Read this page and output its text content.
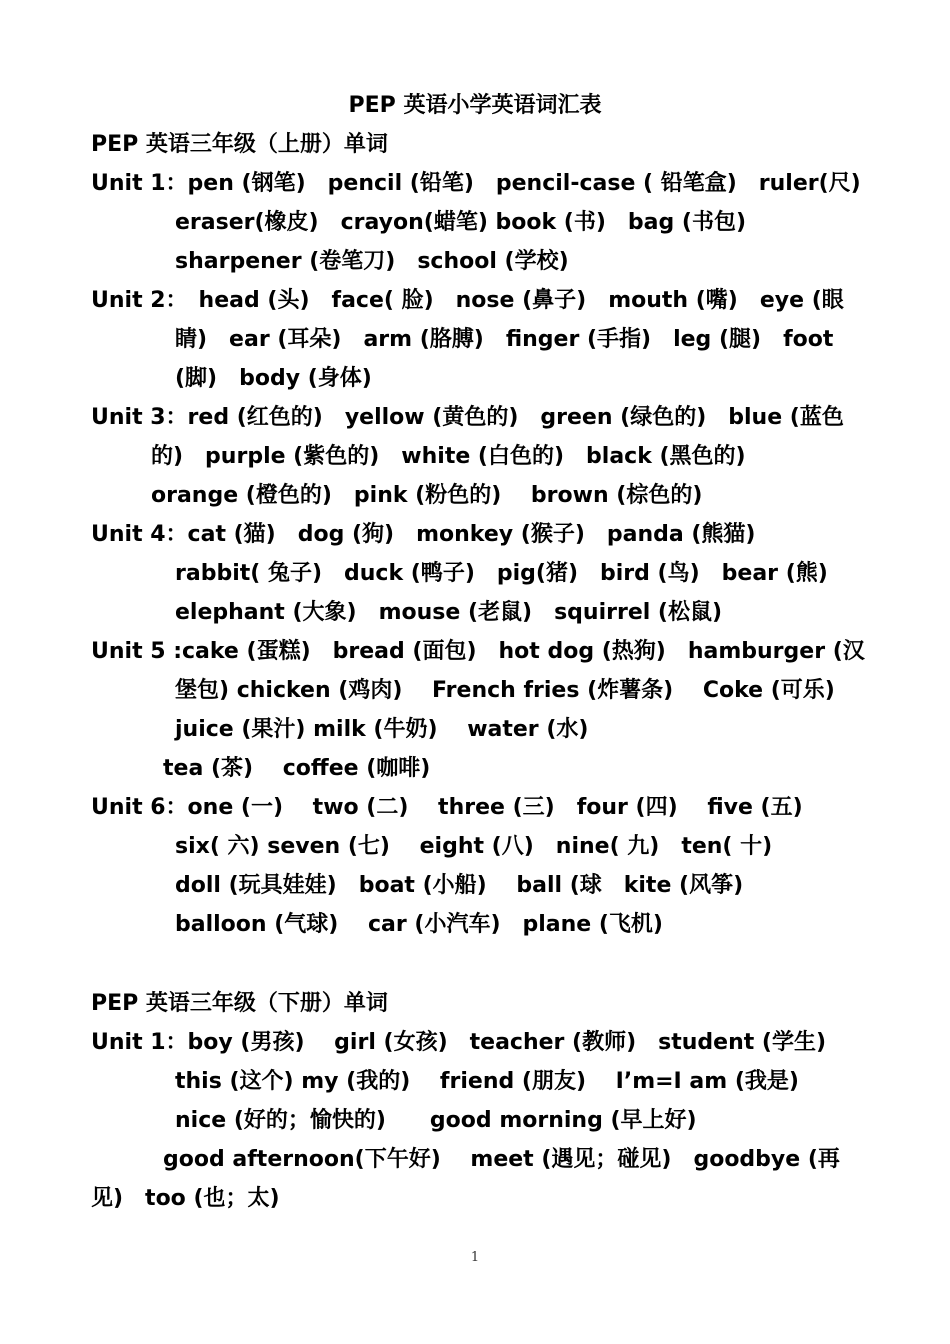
PEP 英语小学英语词汇表
PEP 英语三年级（上册）单词
Unit 1：pen (钢笔)　pencil (铅笔)　pencil-case ( 铅笔盒)　ruler(尺)
eraser(橡皮)　crayon(蜡笔) book (书)　bag (书包)
sharpener (卷笔刀)　school (学校)
Unit 2：　head (头)　face( 脸)　nose (鼻子)　mouth (嘴)　eye (眼
睛)　ear (耳朵)　arm (胳膊)　finger (手指)　leg (腿)　foot
(脚)　body (身体)
Unit 3：red (红色的)　yellow (黄色的)　green (绿色的)　blue (蓝色
的)　purple (紫色的)　white (白色的)　black (黑色的)
orange (橙色的)　pink (粉色的)　 brown (棕色的)
Unit 4：cat (猫)　dog (狗)　monkey (猴子)　panda (熊猫)
rabbit( 兔子)　duck (鸭子)　pig(猪)　bird (鸟)　bear (熊)
elephant (大象)　mouse (老鼠)　squirrel (松鼠)
Unit 5 :cake (蛋糕)　bread (面包)　hot dog (热狗)　hamburger (汉
堡包) chicken (鸡肉)　 French fries (炸薯条)　 Coke (可乐)
juice (果汁) milk (牛奶)　 water (水)
tea (茶)　 coffee (咖啡)
Unit 6：one (一)　 two (二)　 three (三)　four (四)　 five (五)
six( 六) seven (七)　 eight (八)　nine( 九)　ten( 十)
doll (玩具娃娃)　boat (小船)　 ball (球　kite (风筝)
balloon (气球)　 car (小汽车)　plane (飞机)
PEP 英语三年级（下册）单词
Unit 1：boy (男孩)　 girl (女孩)　teacher (教师)　student (学生)
this (这个) my (我的)　 friend (朋友)　 I’m=I am (我是)
nice (好的；愉快的)　　good morning (早上好)
good afternoon(下午好)　 meet (遇见；碰见)　goodbye (再
见)　too (也；太)
1
